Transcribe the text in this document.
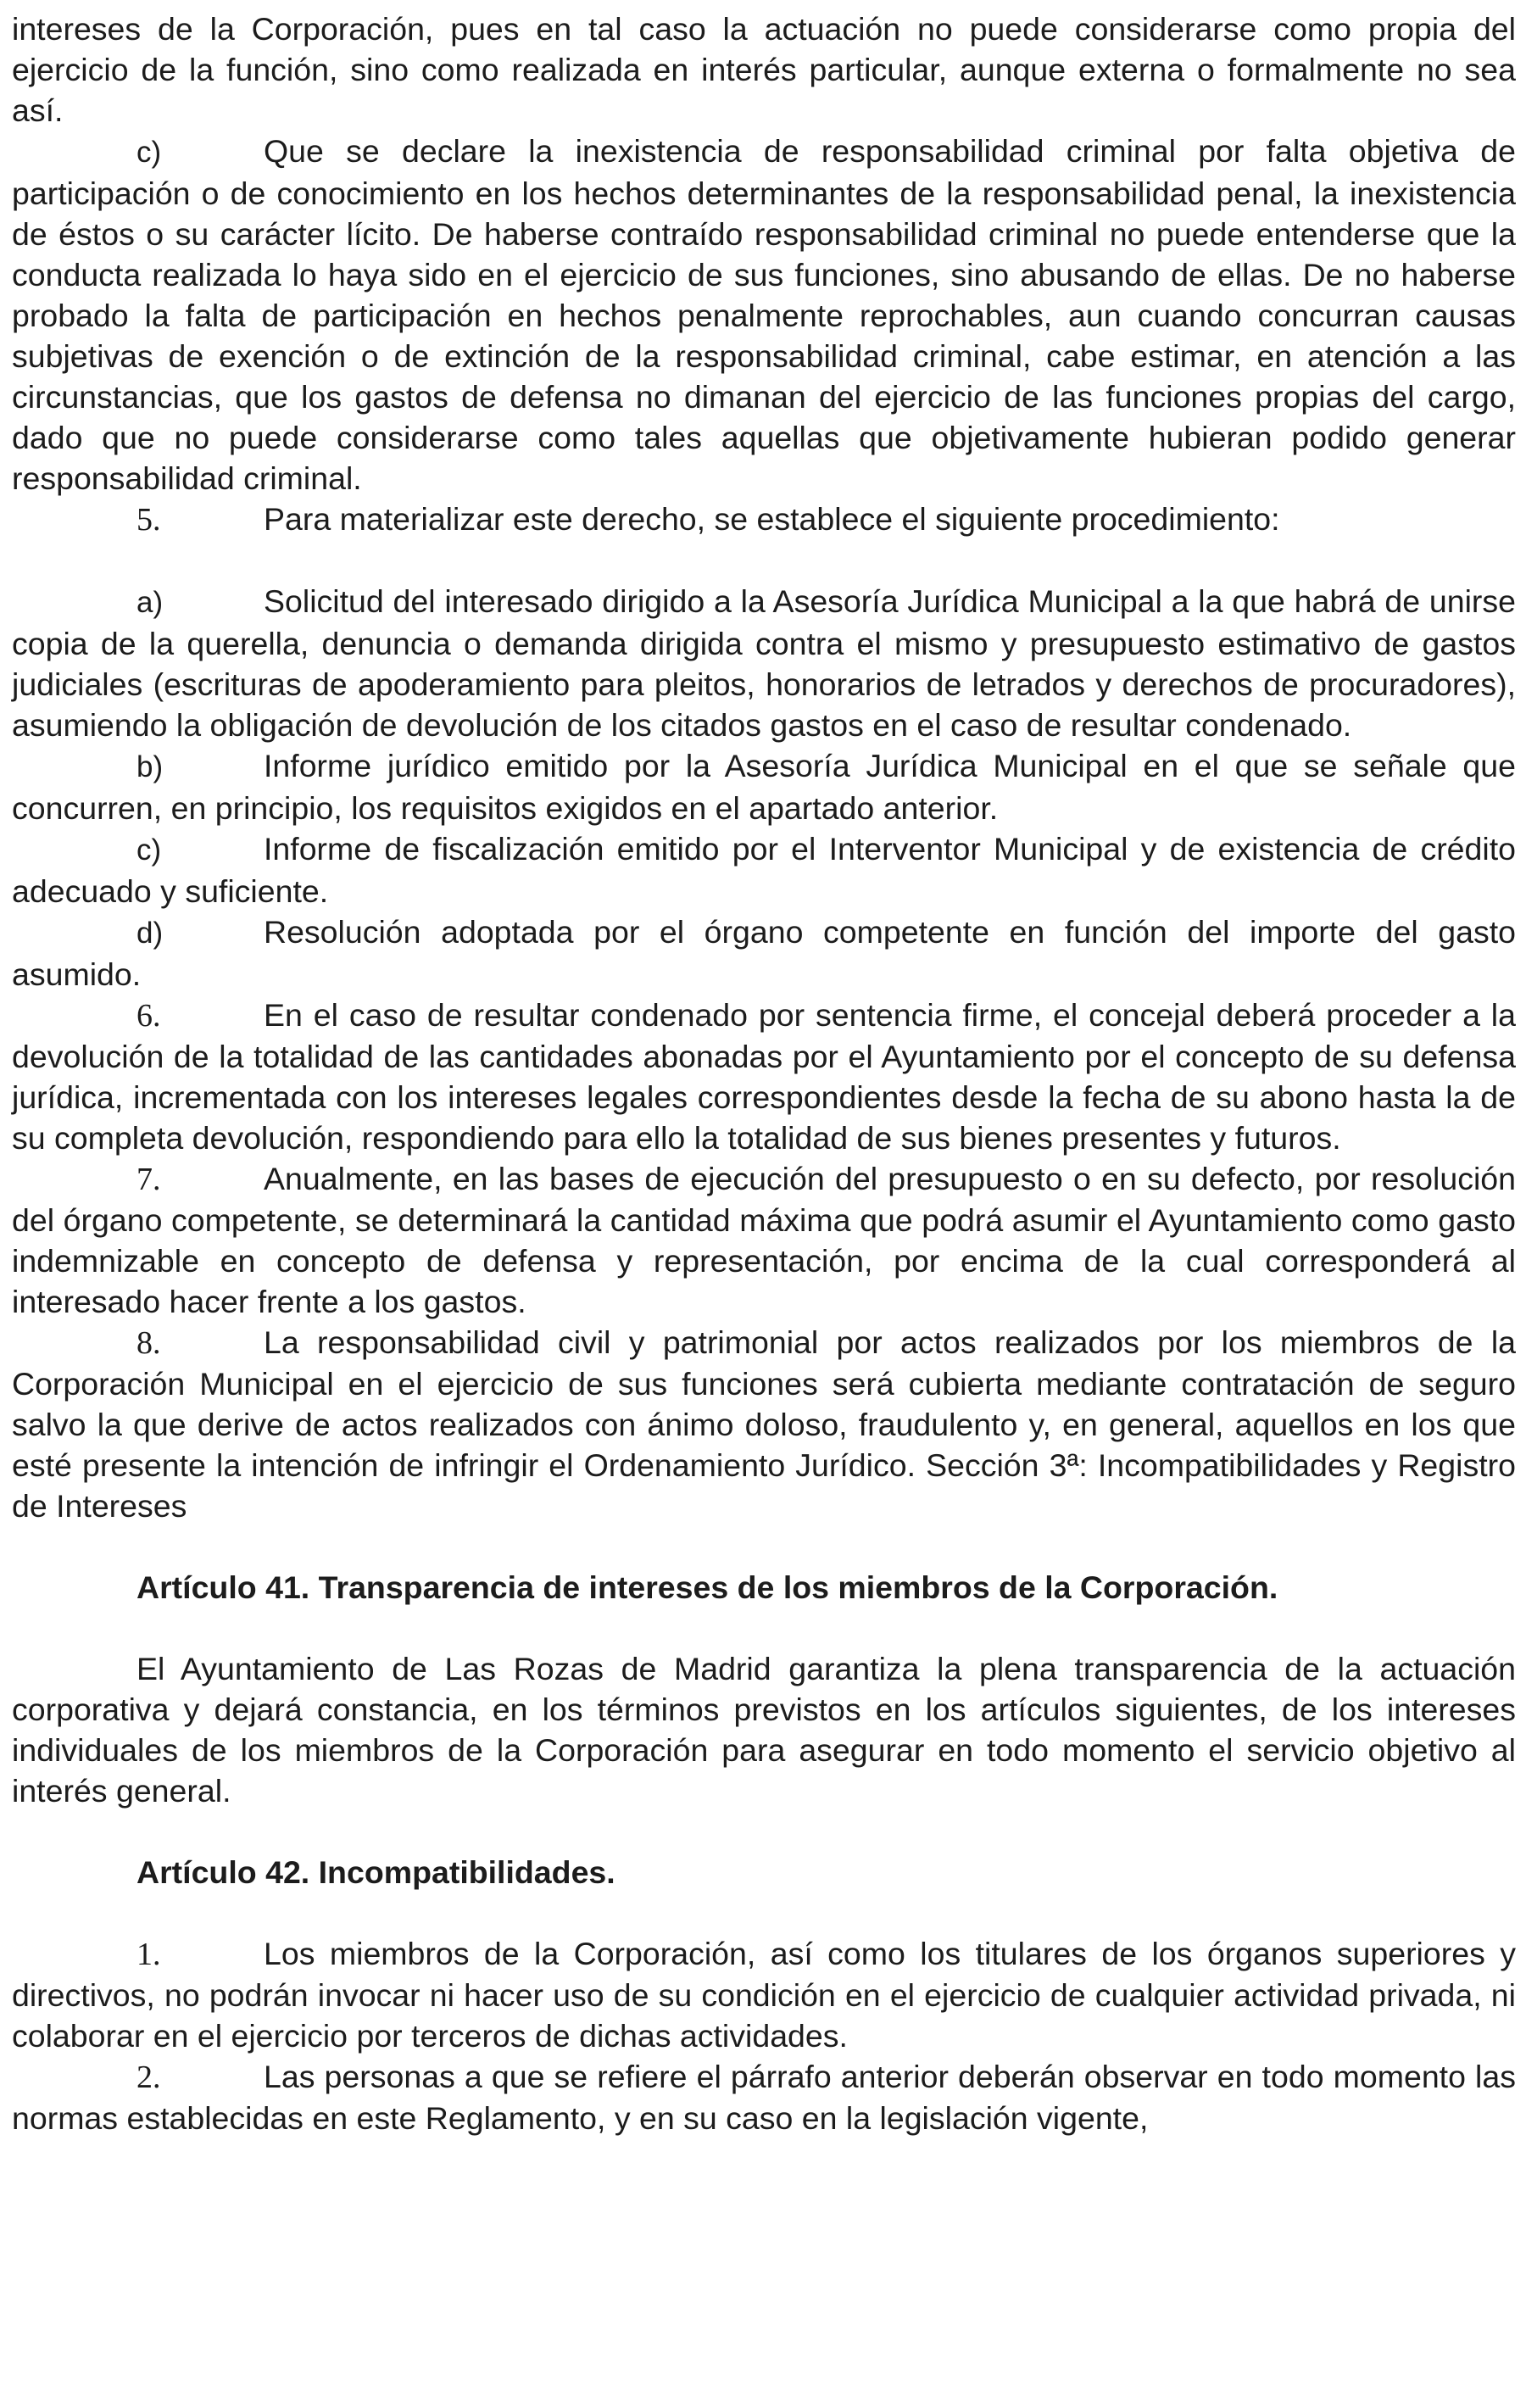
intereses de la Corporación, pues en tal caso la actuación no puede considerarse como propia del ejercicio de la función, sino como realizada en interés particular, aunque externa o formalmente no sea así.

c)	Que se declare la inexistencia de responsabilidad criminal por falta objetiva de participación o de conocimiento en los hechos determinantes de la responsabilidad penal, la inexistencia de éstos o su carácter lícito. De haberse contraído responsabilidad criminal no puede entenderse que la conducta realizada lo haya sido en el ejercicio de sus funciones, sino abusando de ellas. De no haberse probado la falta de participación en hechos penalmente reprochables, aun cuando concurran causas subjetivas de exención o de extinción de la responsabilidad criminal, cabe estimar, en atención a las circunstancias, que los gastos de defensa no dimanan del ejercicio de las funciones propias del cargo, dado que no puede considerarse como tales aquellas que objetivamente hubieran podido generar responsabilidad criminal.

5.	Para materializar este derecho, se establece el siguiente procedimiento:

a)	Solicitud del interesado dirigido a la Asesoría Jurídica Municipal a la que habrá de unirse copia de la querella, denuncia o demanda dirigida contra el mismo y presupuesto estimativo de gastos judiciales (escrituras de apoderamiento para pleitos, honorarios de letrados y derechos de procuradores), asumiendo la obligación de devolución de los citados gastos en el caso de resultar condenado.

b)	Informe jurídico emitido por la Asesoría Jurídica Municipal en el que se señale que concurren, en principio, los requisitos exigidos en el apartado anterior.

c)	Informe de fiscalización emitido por el Interventor Municipal y de existencia de crédito adecuado y suficiente.

d)	Resolución adoptada por el órgano competente en función del importe del gasto asumido.

6.	En el caso de resultar condenado por sentencia firme, el concejal deberá proceder a la devolución de la totalidad de las cantidades abonadas por el Ayuntamiento por el concepto de su defensa jurídica, incrementada con los intereses legales correspondientes desde la fecha de su abono hasta la de su completa devolución, respondiendo para ello la totalidad de sus bienes presentes y futuros.

7.	Anualmente, en las bases de ejecución del presupuesto o en su defecto, por resolución del órgano competente, se determinará la cantidad máxima que podrá asumir el Ayuntamiento como gasto indemnizable en concepto de defensa y representación, por encima de la cual corresponderá al interesado hacer frente a los gastos.

8.	La responsabilidad civil y patrimonial por actos realizados por los miembros de la Corporación Municipal en el ejercicio de sus funciones será cubierta mediante contratación de seguro salvo la que derive de actos realizados con ánimo doloso, fraudulento y, en general, aquellos en los que esté presente la intención de infringir el Ordenamiento Jurídico. Sección 3ª: Incompatibilidades y Registro de Intereses

Artículo 41. Transparencia de intereses de los miembros de la Corporación.

El Ayuntamiento de Las Rozas de Madrid garantiza la plena transparencia de la actuación corporativa y dejará constancia, en los términos previstos en los artículos siguientes, de los intereses individuales de los miembros de la Corporación para asegurar en todo momento el servicio objetivo al interés general.

Artículo 42. Incompatibilidades.

1.	Los miembros de la Corporación, así como los titulares de los órganos superiores y directivos, no podrán invocar ni hacer uso de su condición en el ejercicio de cualquier actividad privada, ni colaborar en el ejercicio por terceros de dichas actividades.

2.	Las personas a que se refiere el párrafo anterior deberán observar en todo momento las normas establecidas en este Reglamento, y en su caso en la legislación vigente,
